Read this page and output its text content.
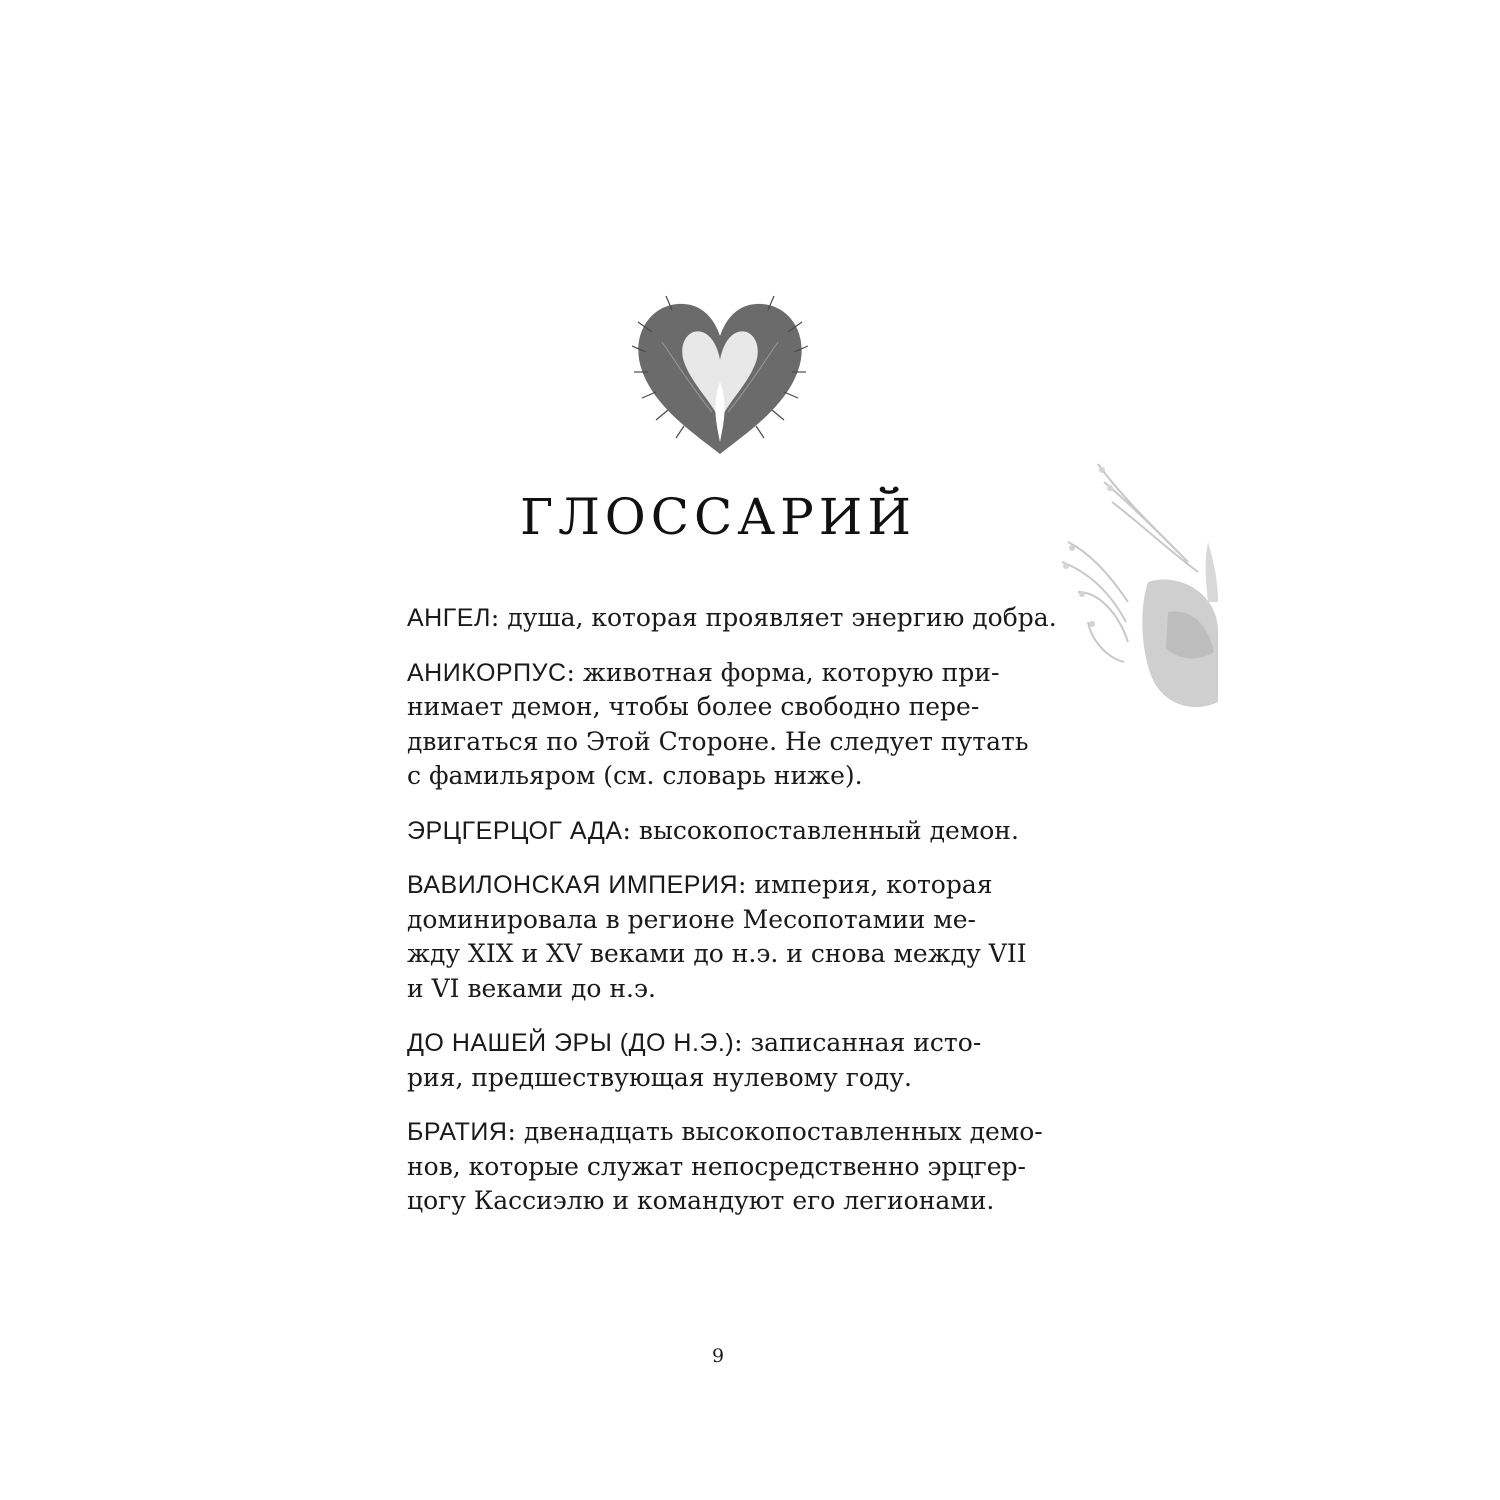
ГЛОССАРИЙ

АНГЕЛ: душа, которая проявляет энергию добра.

АНИКОРПУС: животная форма, которую при-
нимает демон, чтобы более свободно пере-
двигаться по Этой Стороне. Не следует путать
с фамильяром (см. словарь ниже).

ЭРЦГЕРЦОГ АДА: высокопоставленный демон.

ВАВИЛОНСКАЯ ИМПЕРИЯ: империя, которая
доминировала в регионе Месопотамии ме-
жду XIX и XV веками до н.э. и снова между VII
и VI веками до н.э.

ДО НАШЕЙ ЭРЫ (ДО Н.Э.): записанная исто-
рия, предшествующая нулевому году.

БРАТИЯ: двенадцать высокопоставленных демо-
нов, которые служат непосредственно эрцгер-
цогу Кассиэлю и командуют его легионами.

9
